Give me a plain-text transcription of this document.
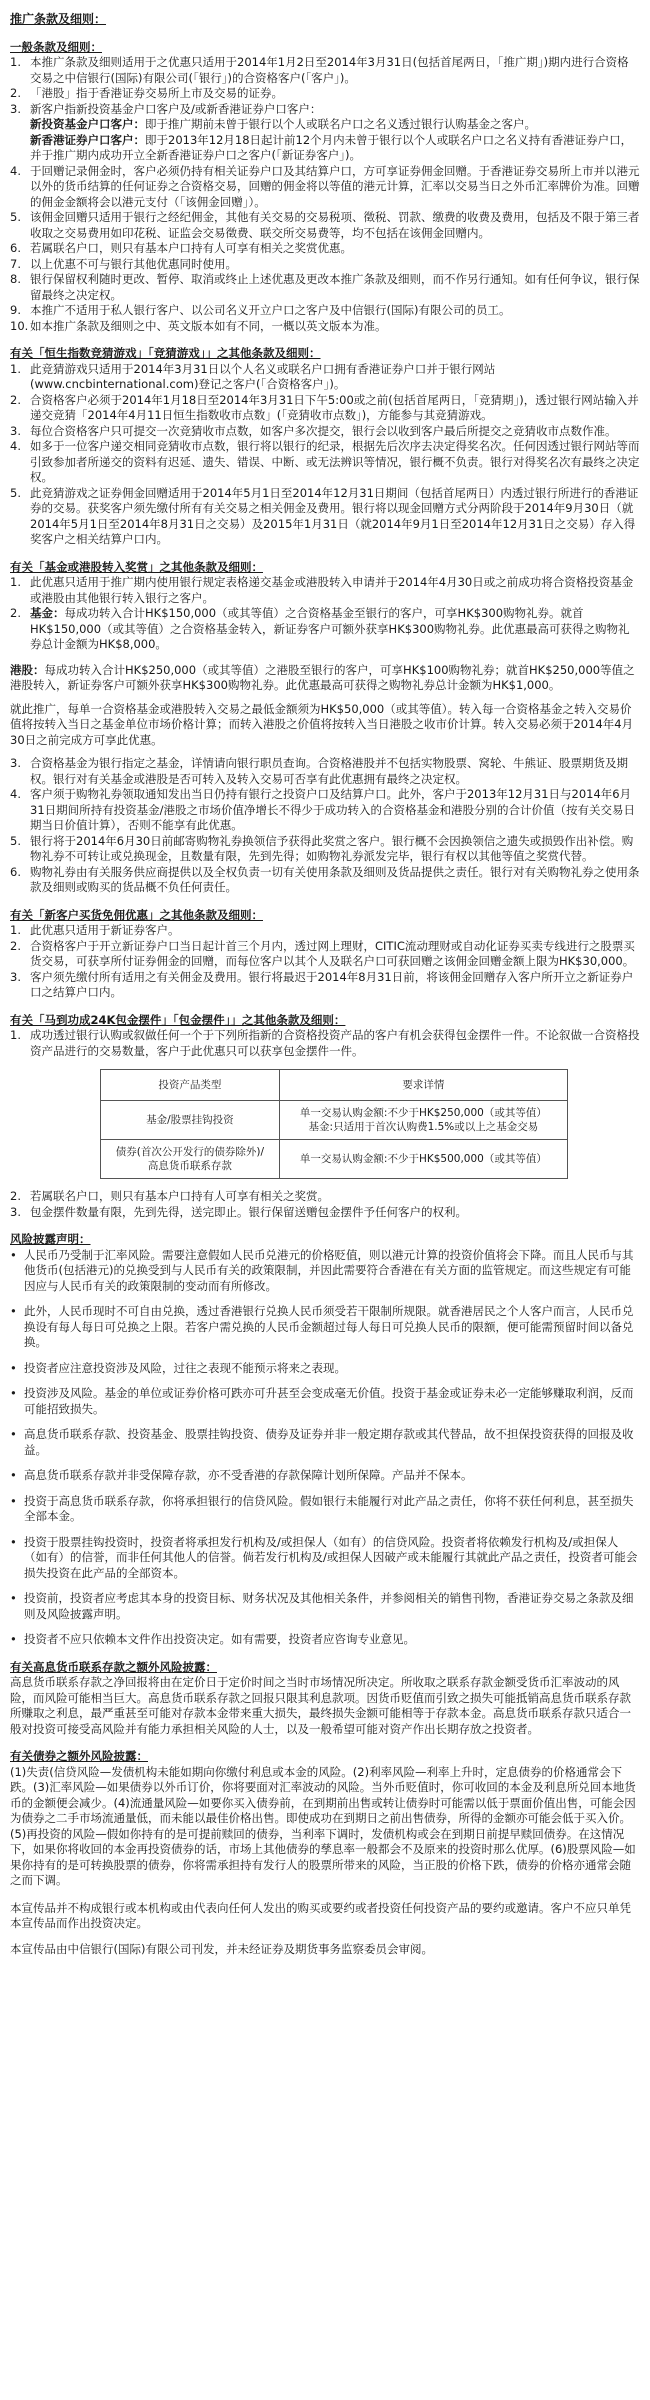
推广条款及细则：
一般条款及细则：
1. 本推广条款及细则适用于之优惠只适用于2014年1月2日至2014年3月31日(包括首尾两日，「推广期」)期内进行合资格交易之中信银行(国际)有限公司(「银行」)的合资格客户(「客户」)。
2. 「港股」指于香港证券交易所上市及交易的证券。
3. 新客户指新投资基金户口客户及/或新香港证券户口客户：
新投资基金户口客户：即于推广期前未曾于银行以个人或联名户口之名义透过银行认购基金之客户。
新香港证券户口客户：即于2013年12月18日起计前12个月内未曾于银行以个人或联名户口之名义持有香港证券户口，并于推广期内成功开立全新香港证券户口之客户(「新证券客户」)。
4. 于回赠记录佣金时，客户必须仍持有相关证券户口及其结算户口，方可享证券佣金回赠。于香港证券交易所上市并以港元以外的货币结算的任何证券之合资格交易，回赠的佣金将以等值的港元计算，汇率以交易当日之外币汇率牌价为准。回赠的佣金金额将会以港元支付（「该佣金回赠」）。
5. 该佣金回赠只适用于银行之经纪佣金，其他有关交易的交易税项、徵税、罚款、缴费的收费及费用，包括及不限于第三者收取之交易费用如印花税、证监会交易徵费、联交所交易费等，均不包括在该佣金回赠内。
6. 若属联名户口，则只有基本户口持有人可享有相关之奖赏优惠。
7. 以上优惠不可与银行其他优惠同时使用。
8. 银行保留权利随时更改、暂停、取消或终止上述优惠及更改本推广条款及细则，而不作另行通知。如有任何争议，银行保留最终之决定权。
9. 本推广不适用于私人银行客户、以公司名义开立户口之客户及中信银行(国际)有限公司的员工。
10. 如本推广条款及细则之中、英文版本如有不同，一概以英文版本为准。
有关「恒生指数竞猜游戏」「竞猜游戏」」之其他条款及细则：
1. 此竞猜游戏只适用于2014年3月31日以个人名义或联名户口拥有香港证券户口并于银行网站(www.cncbinternational.com)登记之客户(「合资格客户」)。
2. 合资格客户必须于2014年1月18日至2014年3月31日下午5:00或之前(包括首尾两日，「竞猜期」)，透过银行网站输入并递交竞猜「2014年4月11日恒生指数收市点数」(「竞猜收市点数」)，方能参与其竞猜游戏。
3. 每位合资格客户只可提交一次竞猜收市点数，如客户多次提交，银行会以收到客户最后所提交之竞猜收市点数作准。
4. 如多于一位客户递交相同竞猜收市点数，银行将以银行的纪录，根据先后次序去决定得奖名次。任何因透过银行网站等而引致参加者所递交的资料有迟延、遗失、错误、中断、或无法辨识等情况，银行概不负责。银行对得奖名次有最终之决定权。
5. 此竞猜游戏之证券佣金回赠适用于2014年5月1日至2014年12月31日期间（包括首尾两日）内透过银行所进行的香港证券的交易。获奖客户须先缴付所有有关交易之相关佣金及费用。银行将以现金回赠方式分两阶段于2014年9月30日（就2014年5月1日至2014年8月31日之交易）及2015年1月31日（就2014年9月1日至2014年12月31日之交易）存入得奖客户之相关结算户口内。
有关「基金或港股转入奖赏」之其他条款及细则：
1. 此优惠只适用于推广期内使用银行规定表格递交基金或港股转入申请并于2014年4月30日或之前成功将合资格投资基金或港股由其他银行转入银行之客户。
2. 基金：每成功转入合计HK$150,000（或其等值）之合资格基金至银行的客户，可享HK$300购物礼券。就首HK$150,000（或其等值）之合资格基金转入，新证券客户可额外获享HK$300购物礼券。此优惠最高可获得之购物礼券总计金额为HK$8,000。
港股：每成功转入合计HK$250,000（或其等值）之港股至银行的客户，可享HK$100购物礼券；就首HK$250,000等值之港股转入，新证券客户可额外获享HK$300购物礼券。此优惠最高可获得之购物礼券总计金额为HK$1,000。
就此推广，每单一合资格基金或港股转入交易之最低金额须为HK$50,000（或其等值）。转入每一合资格基金之转入交易价值将按转入当日之基金单位市场价格计算；而转入港股之价值将按转入当日港股之收市价计算。转入交易必须于2014年4月30日之前完成方可享此优惠。
3. 合资格基金为银行指定之基金，详情请向银行职员查询。合资格港股并不包括实物股票、窝轮、牛熊证、股票期货及期权。银行对有关基金或港股是否可转入及转入交易可否享有此优惠拥有最终之决定权。
4. 客户须于购物礼券领取通知发出当日仍持有银行之投资户口及结算户口。此外，客户于2013年12月31日与2014年6月31日期间所持有投资基金/港股之市场价值净增长不得少于成功转入的合资格基金和港股分别的合计价值（按有关交易日期当日价值计算），否则不能享有此优惠。
5. 银行将于2014年6月30日前邮寄购物礼券换领信予获得此奖赏之客户。银行概不会因换领信之遗失或损毁作出补偿。购物礼券不可转让或兑换现金，且数量有限，先到先得；如购物礼券派发完毕，银行有权以其他等值之奖赏代替。
6. 购物礼券由有关服务供应商提供以及全权负责一切有关使用条款及细则及货品提供之责任。银行对有关购物礼券之使用条款及细则或购买的货品概不负任何责任。
有关「新客户买货免佣优惠」之其他条款及细则：
1. 此优惠只适用于新证券客户。
2. 合资格客户于开立新证券户口当日起计首三个月内，透过网上理财，CITIC流动理财或自动化证券买卖专线进行之股票买货交易，可获享所付证券佣金的回赠，而每位客户以其个人及联名户口可获回赠之该佣金回赠金额上限为HK$30,000。
3. 客户须先缴付所有适用之有关佣金及费用。银行将最迟于2014年8月31日前，将该佣金回赠存入客户所开立之新证券户口之结算户口内。
有关「马到功成24K包金摆件」「包金摆件」」之其他条款及细则：
1. 成功透过银行认购或叙做任何一个于下列所指新的合资格投资产品的客户有机会获得包金摆件一件。不论叙做一合资格投资产品进行的交易数量，客户于此优惠只可以获享包金摆件一件。
投资产品类型	要求详情
基金/股票挂钩投资	单一交易认购金额:不少于HK$250,000（或其等值）
基金:只适用于首次认购费1.5%或以上之基金交易
债券(首次公开发行的债券除外)/
高息货币联系存款	单一交易认购金额:不少于HK$500,000（或其等值）
2. 若属联名户口，则只有基本户口持有人可享有相关之奖赏。
3. 包金摆件数量有限，先到先得，送完即止。银行保留送赠包金摆件予任何客户的权利。
风险披露声明：
• 人民币乃受制于汇率风险。需要注意假如人民币兑港元的价格贬值，则以港元计算的投资价值将会下降。而且人民币与其他货币(包括港元)的兑换受到与人民币有关的政策限制，并因此需要符合香港在有关方面的监管规定。而这些规定有可能因应与人民币有关的政策限制的变动而有所修改。
• 此外，人民币现时不可自由兑换，透过香港银行兑换人民币须受若干限制所规限。就香港居民之个人客户而言，人民币兑换设有每人每日可兑换之上限。若客户需兑换的人民币金额超过每人每日可兑换人民币的限额，便可能需预留时间以备兑换。
• 投资者应注意投资涉及风险，过往之表现不能预示将来之表现。
• 投资涉及风险。基金的单位或证券价格可跌亦可升甚至会变成毫无价值。投资于基金或证券未必一定能够赚取利润，反而可能招致损失。
• 高息货币联系存款、投资基金、股票挂钩投资、债券及证券并非一般定期存款或其代替品，故不担保投资获得的回报及收益。
• 高息货币联系存款并非受保障存款，亦不受香港的存款保障计划所保障。产品并不保本。
• 投资于高息货币联系存款，你将承担银行的信贷风险。假如银行未能履行对此产品之责任，你将不获任何利息，甚至损失全部本金。
• 投资于股票挂钩投资时，投资者将承担发行机构及/或担保人（如有）的信贷风险。投资者将依赖发行机构及/或担保人（如有）的信誉，而非任何其他人的信誉。倘若发行机构及/或担保人因破产或未能履行其就此产品之责任，投资者可能会损失投资在此产品的全部资本。
• 投资前，投资者应考虑其本身的投资目标、财务状况及其他相关条件，并参阅相关的销售刊物，香港证券交易之条款及细则及风险披露声明。
• 投资者不应只依赖本文件作出投资决定。如有需要，投资者应咨询专业意见。
有关高息货币联系存款之额外风险披露：
高息货币联系存款之净回报将由在定价日于定价时间之当时市场情况所决定。所收取之联系存款金额受货币汇率波动的风险，而风险可能相当巨大。高息货币联系存款之回报只限其利息款项。因货币贬值而引致之损失可能抵销高息货币联系存款所赚取之利息，最严重甚至可能对存款本金带来重大损失，最终损失金额可能相等于存款本金。高息货币联系存款只适合一般对投资可接受高风险并有能力承担相关风险的人士，以及一般希望可能对资产作出长期存放之投资者。
有关债券之额外风险披露：
(1)失责(信贷风险—发债机构未能如期向你缴付利息或本金的风险。(2)利率风险—利率上升时，定息债券的价格通常会下跌。(3)汇率风险—如果债券以外币订价，你将要面对汇率波动的风险。当外币贬值时，你可收回的本金及利息所兑回本地货币的金额便会减少。(4)流通量风险—如要你买入债券前，在到期前出售或转让债券时可能需以低于票面价值出售，可能会因为债券之二手市场流通量低，而未能以最佳价格出售。即使成功在到期日之前出售债券，所得的金额亦可能会低于买入价。(5)再投资的风险—假如你持有的是可提前赎回的债券，当利率下调时，发债机构或会在到期日前提早赎回债券。在这情况下，如果你将收回的本金再投资债券的话，市场上其他债券的孳息率一般都会不及原来的投资时那么优厚。(6)股票风险—如果你持有的是可转换股票的债券，你将需承担持有发行人的股票所带来的风险，当正股的价格下跌，债券的价格亦通常会随之而下调。
本宣传品并不构成银行或本机构或由代表向任何人发出的购买或要约或者投资任何投资产品的要约或邀请。客户不应只单凭本宣传品而作出投资决定。
本宣传品由中信银行(国际)有限公司刊发，并未经证券及期货事务监察委员会审阅。
